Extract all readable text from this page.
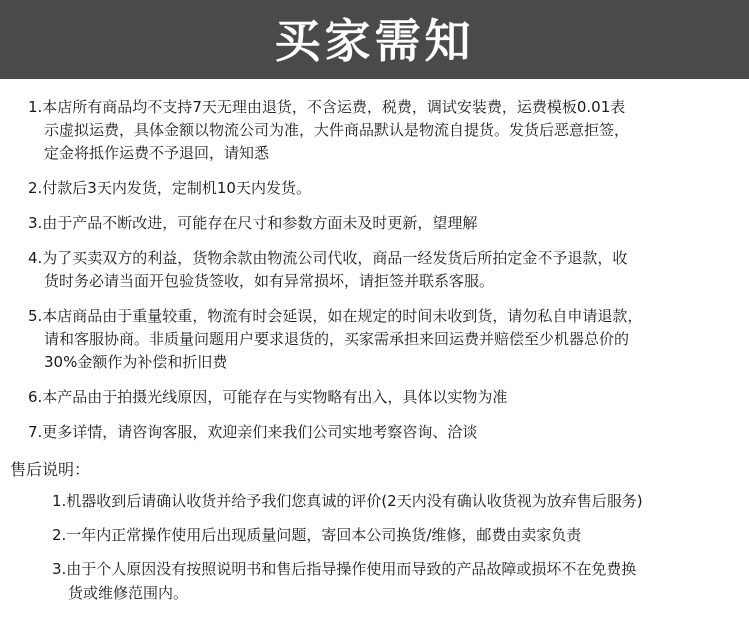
买家需知

1.本店所有商品均不支持7天无理由退货，不含运费，税费，调试安装费，运费模板0.01表
示虚拟运费，具体金额以物流公司为准，大件商品默认是物流自提货。发货后恶意拒签，
定金将抵作运费不予退回，请知悉

2.付款后3天内发货，定制机10天内发货。

3.由于产品不断改进，可能存在尺寸和参数方面未及时更新，望理解

4.为了买卖双方的利益，货物余款由物流公司代收，商品一经发货后所拍定金不予退款，收
货时务必请当面开包验货签收，如有异常损坏，请拒签并联系客服。

5.本店商品由于重量较重，物流有时会延误，如在规定的时间未收到货，请勿私自申请退款，
请和客服协商。非质量问题用户要求退货的，买家需承担来回运费并赔偿至少机器总价的
30%金额作为补偿和折旧费

6.本产品由于拍摄光线原因，可能存在与实物略有出入，具体以实物为准

7.更多详情，请咨询客服，欢迎亲们来我们公司实地考察咨询、洽谈

售后说明：

1.机器收到后请确认收货并给予我们您真诚的评价(2天内没有确认收货视为放弃售后服务)

2.一年内正常操作使用后出现质量问题，寄回本公司换货/维修，邮费由卖家负责

3.由于个人原因没有按照说明书和售后指导操作使用而导致的产品故障或损坏不在免费换
货或维修范围内。
